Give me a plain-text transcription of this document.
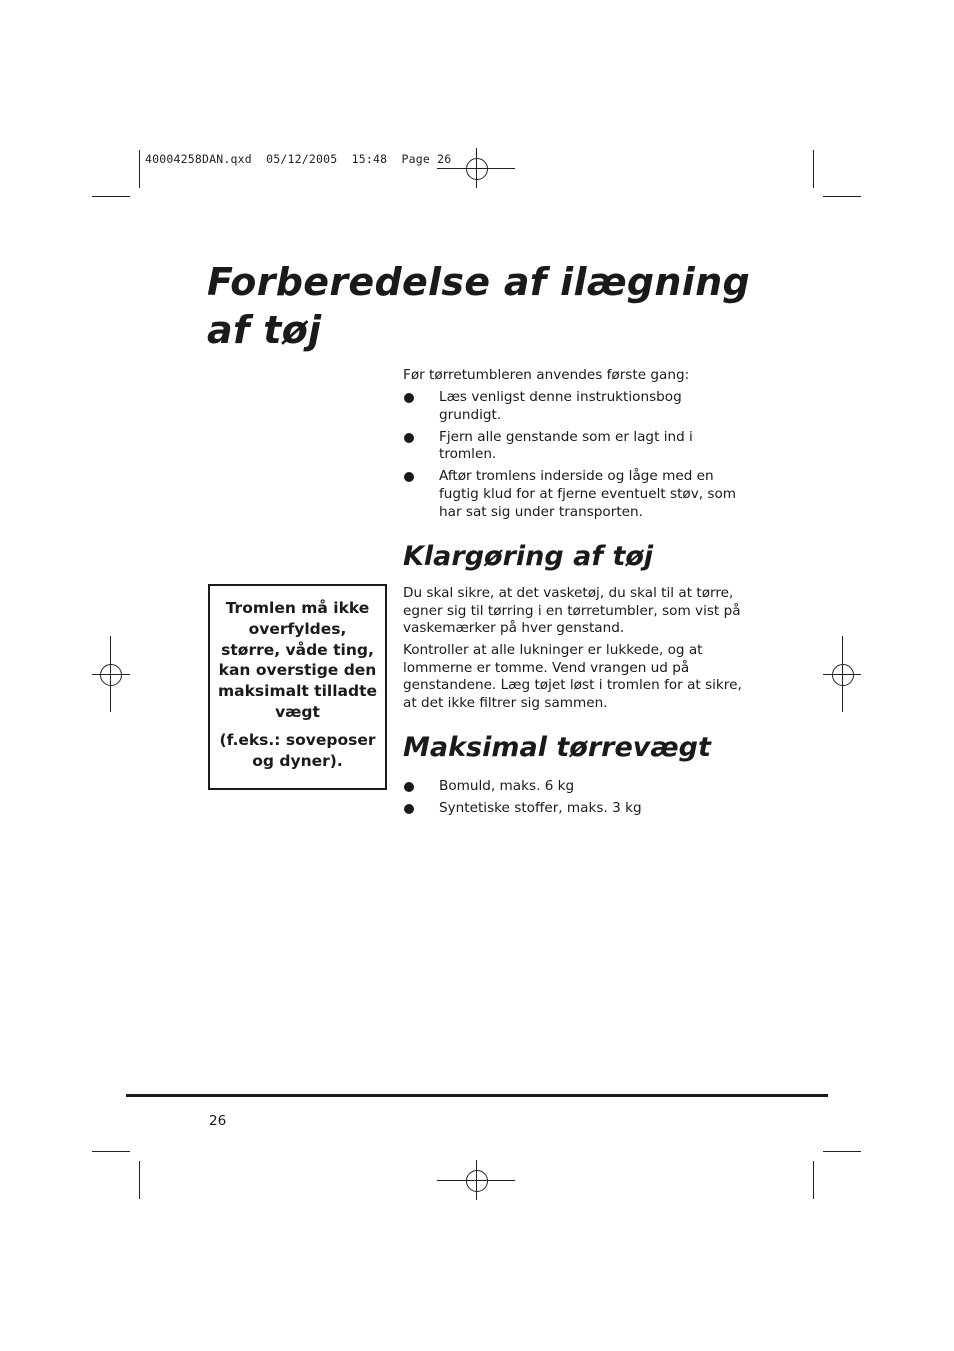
40004258DAN.qxd  05/12/2005  15:48  Page 26
Forberedelse af ilægning
af tøj

Før tørretumbleren anvendes første gang:

Læs venligst denne instruktionsbog grundigt.
Fjern alle genstande som er lagt ind i tromlen.
Aftør tromlens inderside og låge med en fugtig klud for at fjerne eventuelt støv, som har sat sig under transporten.
Klargøring af tøj

Du skal sikre, at det vasketøj, du skal til at tørre, egner sig til tørring i en tørretumbler, som vist på vaskemærker på hver genstand.

Kontroller at alle lukninger er lukkede, og at lommerne er tomme. Vend vrangen ud på genstandene. Læg tøjet løst i tromlen for at sikre, at det ikke filtrer sig sammen.

Tromlen må ikke overfyldes, større, våde ting, kan overstige den maksimalt tilladte vægt

(f.eks.: soveposer og dyner).	Maksimal tørrevægt
Bomuld, maks. 6 kg
Syntetiske stoffer, maks. 3 kg
26
